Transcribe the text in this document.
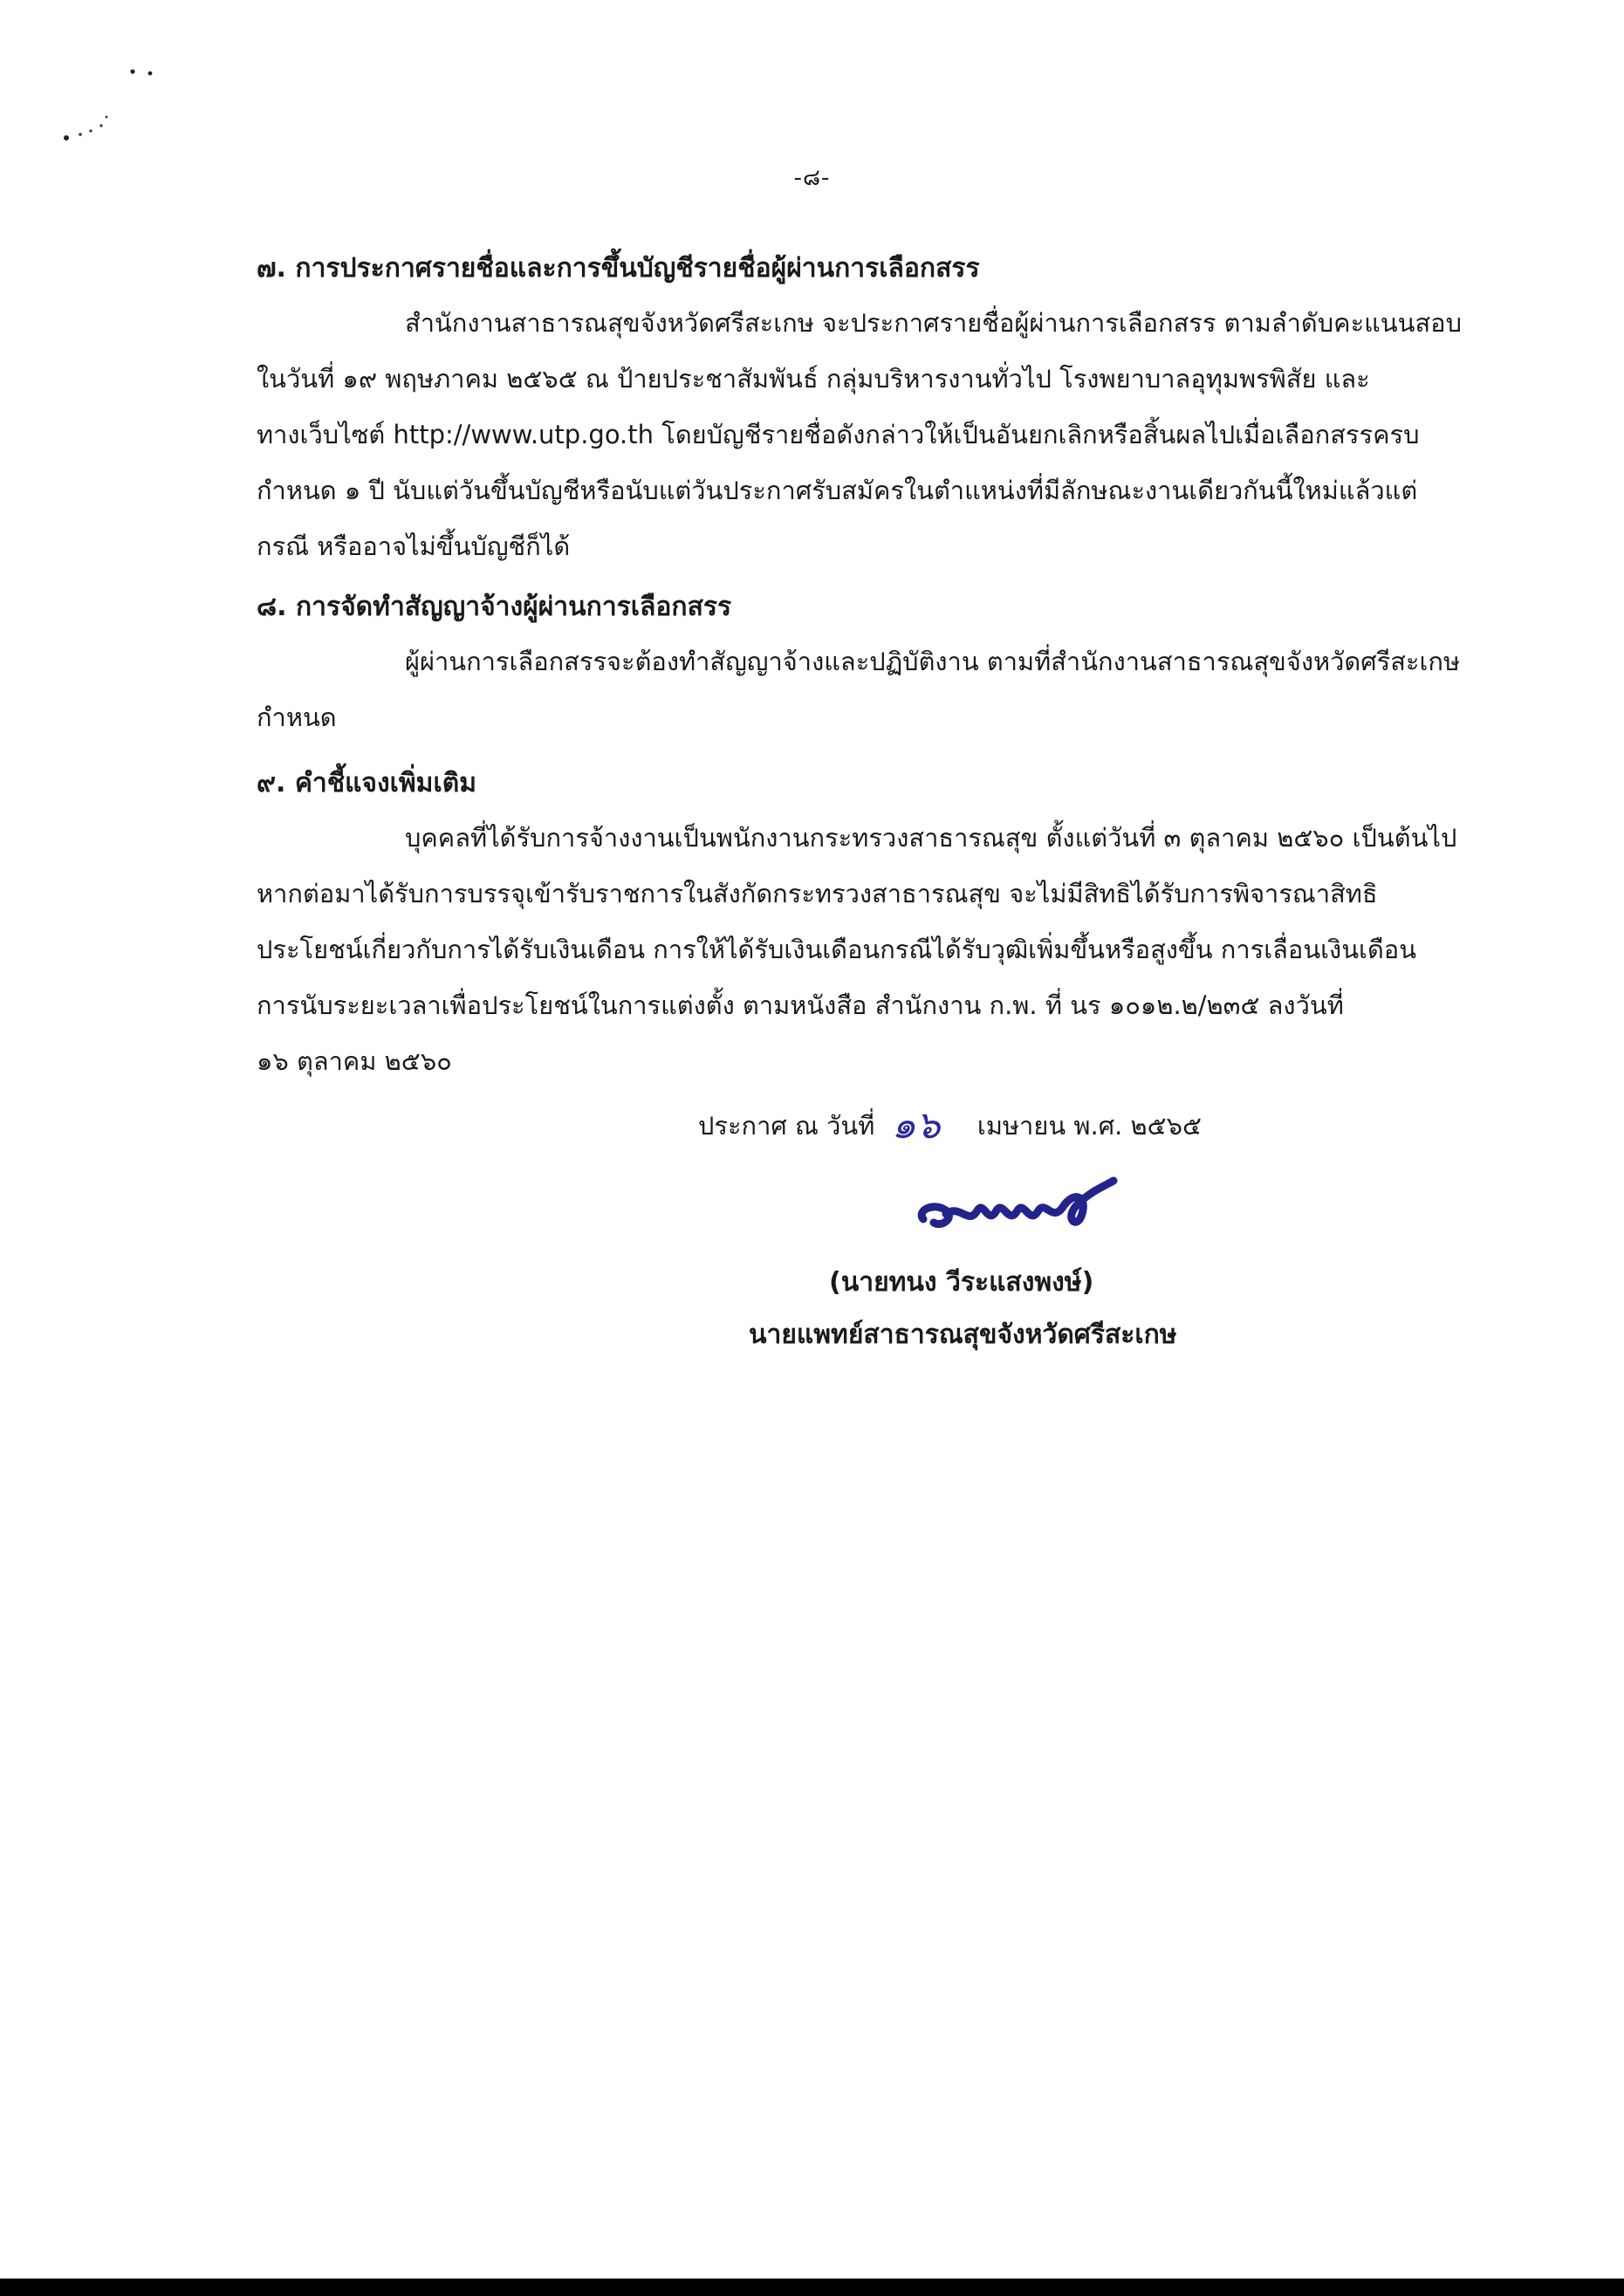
-๘-
๗. การประกาศรายชื่อและการขึ้นบัญชีรายชื่อผู้ผ่านการเลือกสรร
สำนักงานสาธารณสุขจังหวัดศรีสะเกษ จะประกาศรายชื่อผู้ผ่านการเลือกสรร ตามลำดับคะแนนสอบ
ในวันที่ ๑๙ พฤษภาคม ๒๕๖๕ ณ ป้ายประชาสัมพันธ์ กลุ่มบริหารงานทั่วไป โรงพยาบาลอุทุมพรพิสัย และ
ทางเว็บไซต์ http://www.utp.go.th โดยบัญชีรายชื่อดังกล่าวให้เป็นอันยกเลิกหรือสิ้นผลไปเมื่อเลือกสรรครบ
กำหนด ๑ ปี นับแต่วันขึ้นบัญชีหรือนับแต่วันประกาศรับสมัครในตำแหน่งที่มีลักษณะงานเดียวกันนี้ใหม่แล้วแต่
กรณี หรืออาจไม่ขึ้นบัญชีก็ได้
๘. การจัดทำสัญญาจ้างผู้ผ่านการเลือกสรร
ผู้ผ่านการเลือกสรรจะต้องทำสัญญาจ้างและปฏิบัติงาน ตามที่สำนักงานสาธารณสุขจังหวัดศรีสะเกษ
กำหนด
๙. คำชี้แจงเพิ่มเติม
บุคคลที่ได้รับการจ้างงานเป็นพนักงานกระทรวงสาธารณสุข ตั้งแต่วันที่ ๓ ตุลาคม ๒๕๖๐ เป็นต้นไป
หากต่อมาได้รับการบรรจุเข้ารับราชการในสังกัดกระทรวงสาธารณสุข จะไม่มีสิทธิได้รับการพิจารณาสิทธิ
ประโยชน์เกี่ยวกับการได้รับเงินเดือน การให้ได้รับเงินเดือนกรณีได้รับวุฒิเพิ่มขึ้นหรือสูงขึ้น การเลื่อนเงินเดือน
การนับระยะเวลาเพื่อประโยชน์ในการแต่งตั้ง ตามหนังสือ สำนักงาน ก.พ. ที่ นร ๑๐๑๒.๒/๒๓๕ ลงวันที่
๑๖ ตุลาคม ๒๕๖๐
ประกาศ ณ วันที่ ๑๖ เมษายน พ.ศ. ๒๕๖๕
(นายทนง วีระแสงพงษ์)
นายแพทย์สาธารณสุขจังหวัดศรีสะเกษ
